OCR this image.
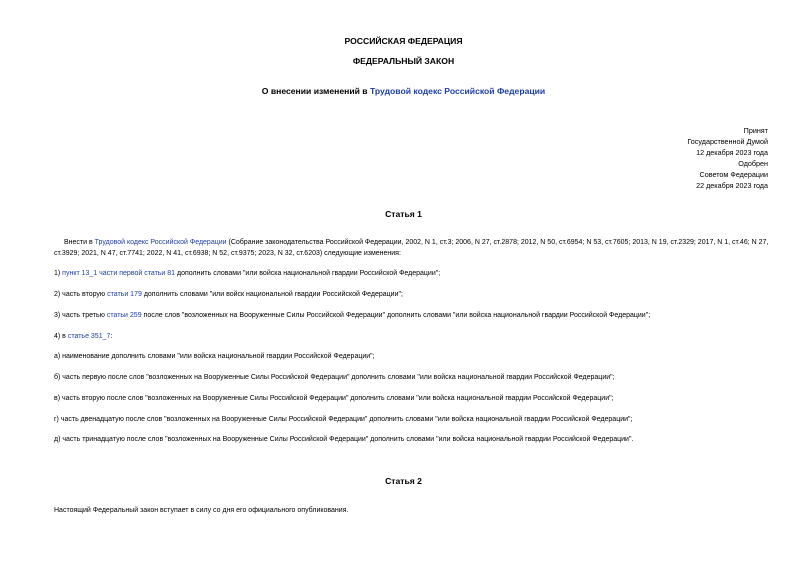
РОССИЙСКАЯ ФЕДЕРАЦИЯ
ФЕДЕРАЛЬНЫЙ ЗАКОН
О внесении изменений в Трудовой кодекс Российской Федерации
Принят
Государственной Думой
12 декабря 2023 года
Одобрен
Советом Федерации
22 декабря 2023 года
Статья 1
Внести в Трудовой кодекс Российской Федерации (Собрание законодательства Российской Федерации, 2002, N 1, ст.3; 2006, N 27, ст.2878; 2012, N 50, ст.6954; N 53, ст.7605; 2013, N 19, ст.2329; 2017, N 1, ст.46; N 27, ст.3929; 2021, N 47, ст.7741; 2022, N 41, ст.6938; N 52, ст.9375; 2023, N 32, ст.6203) следующие изменения:
1) пункт 13_1 части первой статьи 81 дополнить словами "или войска национальной гвардии Российской Федерации";
2) часть вторую статьи 179 дополнить словами "или войск национальной гвардии Российской Федерации";
3) часть третью статьи 259 после слов "возложенных на Вооруженные Силы Российской Федерации" дополнить словами "или войска национальной гвардии Российской Федерации";
4) в статье 351_7:
а) наименование дополнить словами "или войска национальной гвардии Российской Федерации";
б) часть первую после слов "возложенных на Вооруженные Силы Российской Федерации" дополнить словами "или войска национальной гвардии Российской Федерации";
в) часть вторую после слов "возложенных на Вооруженные Силы Российской Федерации" дополнить словами "или войска национальной гвардии Российской Федерации";
г) часть двенадцатую после слов "возложенных на Вооруженные Силы Российской Федерации" дополнить словами "или войска национальной гвардии Российской Федерации";
д) часть тринадцатую после слов "возложенных на Вооруженные Силы Российской Федерации" дополнить словами "или войска национальной гвардии Российской Федерации".
Статья 2
Настоящий Федеральный закон вступает в силу со дня его официального опубликования.
